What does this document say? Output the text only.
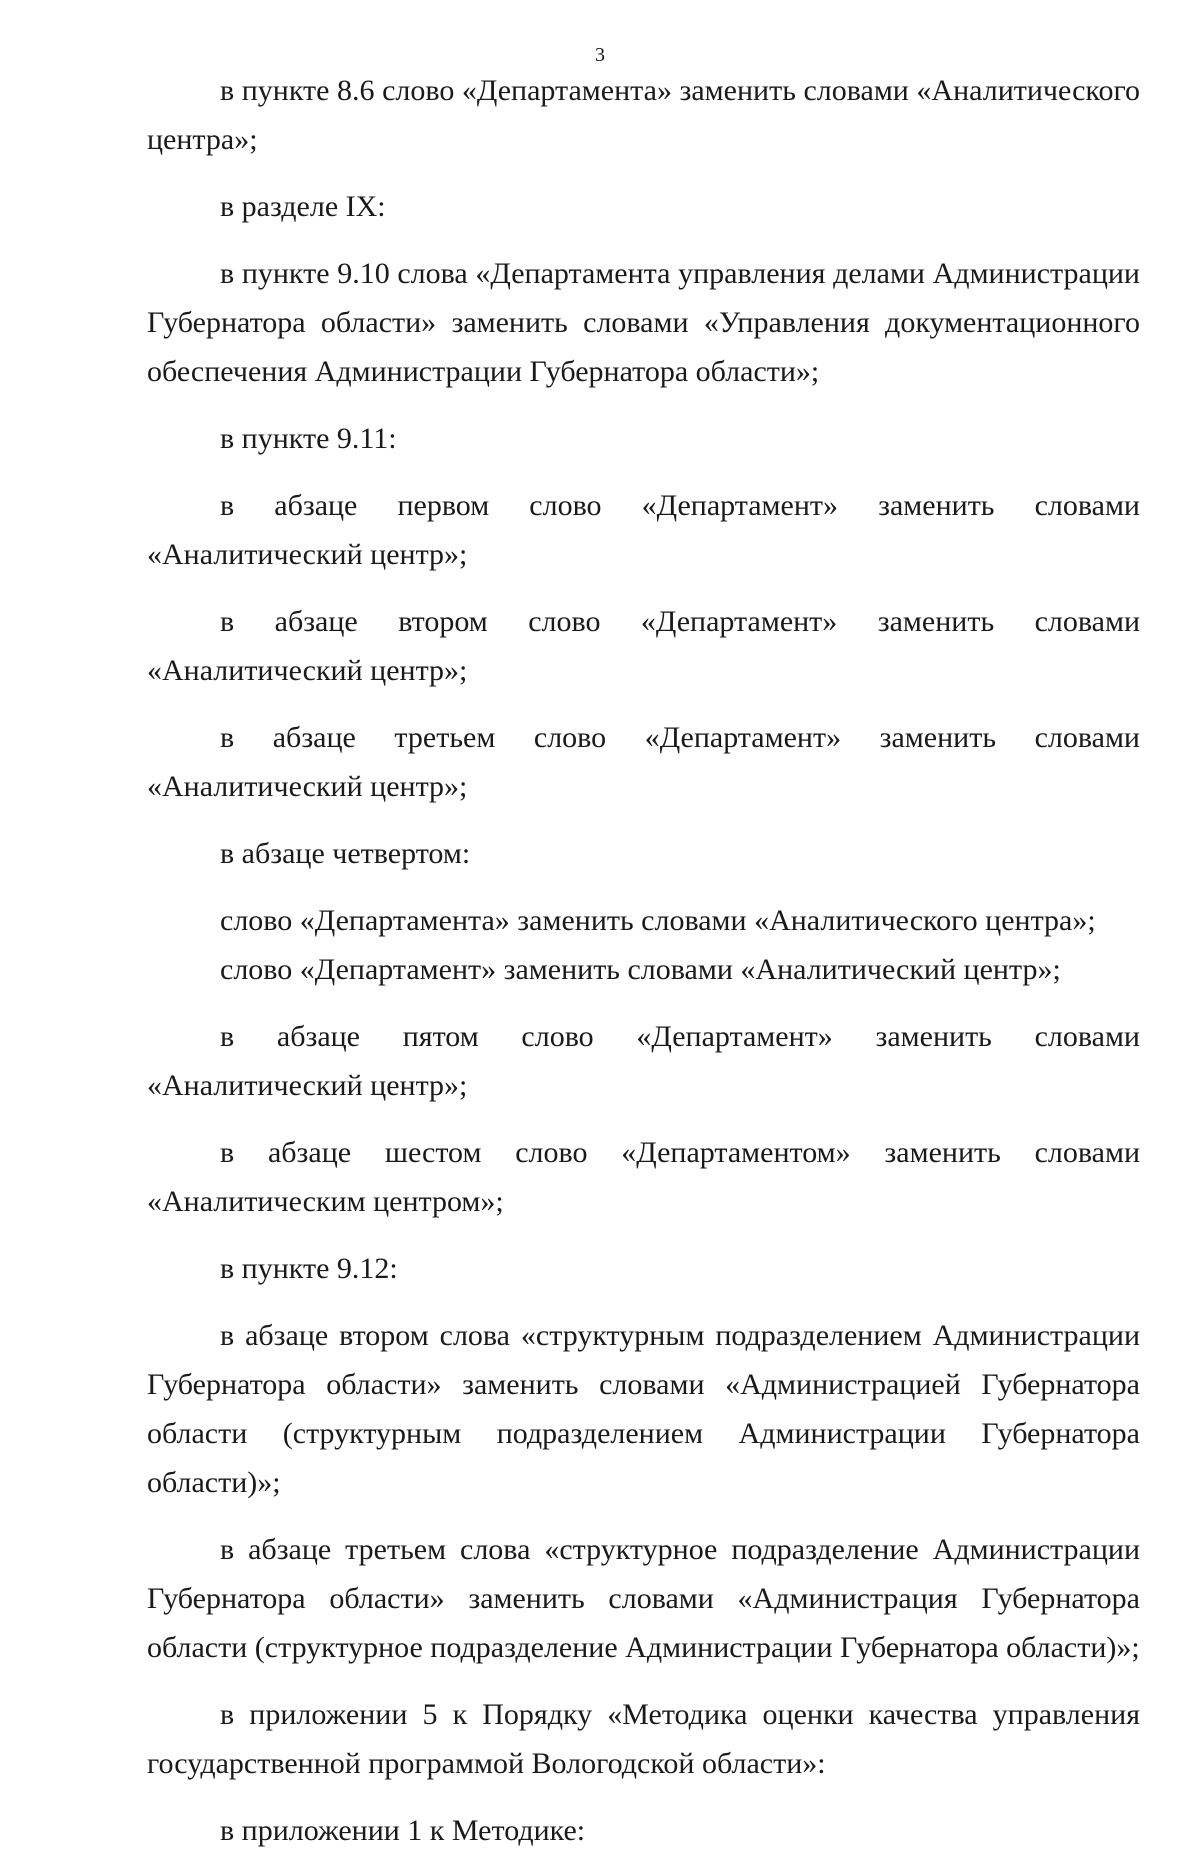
3

в пункте 8.6 слово «Департамента» заменить словами «Аналитического центра»;

в разделе IX:

в пункте 9.10 слова «Департамента управления делами Администрации Губернатора области» заменить словами «Управления документационного обеспечения Администрации Губернатора области»;

в пункте 9.11:

в абзаце первом слово «Департамент» заменить словами «Аналитический центр»;

в абзаце втором слово «Департамент» заменить словами «Аналитический центр»;

в абзаце третьем слово «Департамент» заменить словами «Аналитический центр»;

в абзаце четвертом:

слово «Департамента» заменить словами «Аналитического центра»;

слово «Департамент» заменить словами «Аналитический центр»;

в абзаце пятом слово «Департамент» заменить словами «Аналитический центр»;

в абзаце шестом слово «Департаментом» заменить словами «Аналитическим центром»;

в пункте 9.12:

в абзаце втором слова «структурным подразделением Администрации Губернатора области» заменить словами «Администрацией Губернатора области (структурным подразделением Администрации Губернатора области)»;

в абзаце третьем слова «структурное подразделение Администрации Губернатора области» заменить словами «Администрация Губернатора области (структурное подразделение Администрации Губернатора области)»;

в приложении 5 к Порядку «Методика оценки качества управления государственной программой Вологодской области»:

в приложении 1 к Методике:
